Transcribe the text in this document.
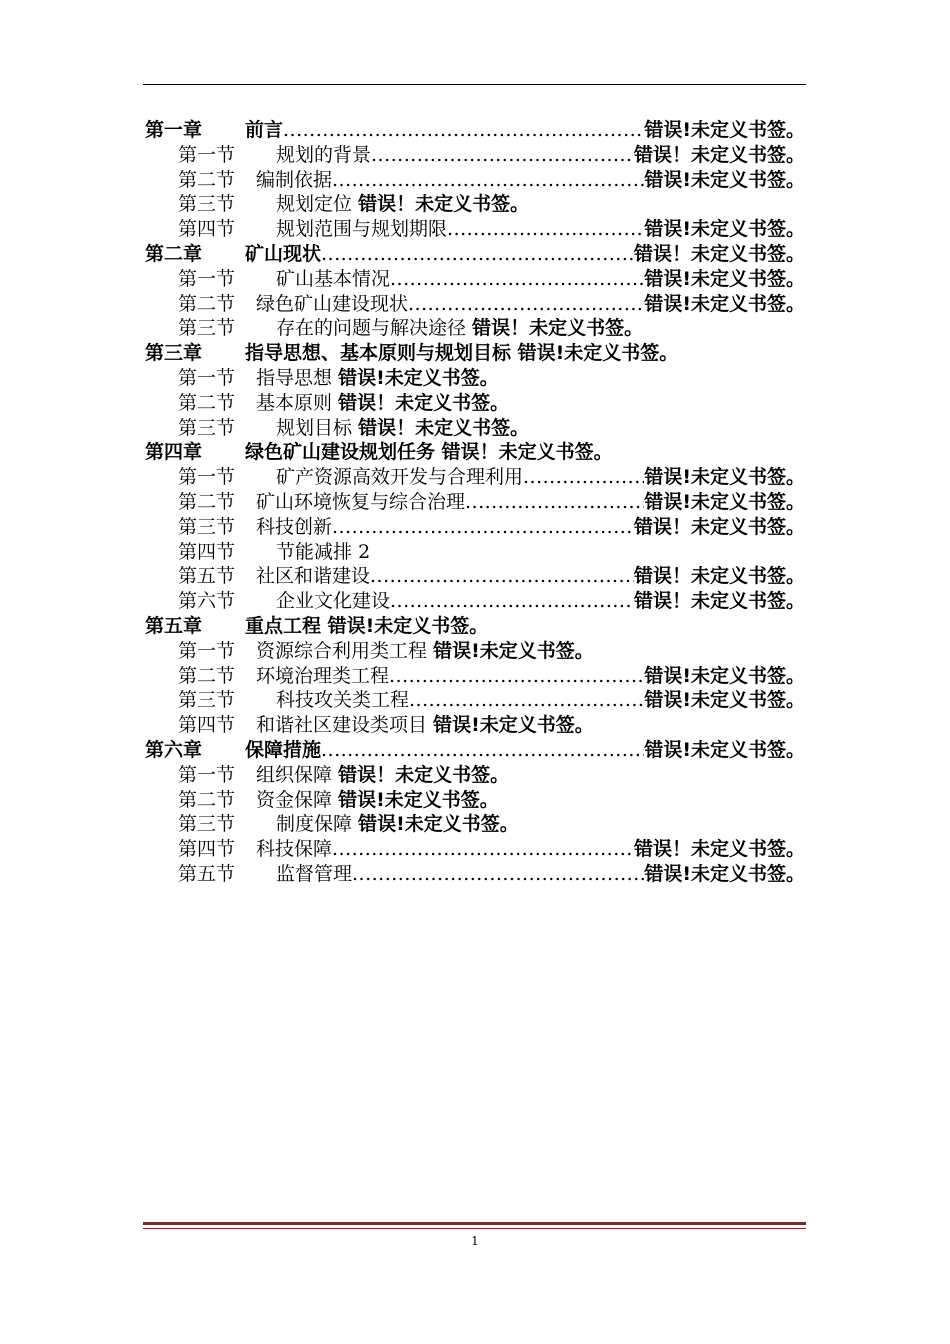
第一章 前言 .....	错误!未定义书签。
第一节 规划的背景 .....	错误！未定义书签。
第二节 编制依据 .....	错误!未定义书签。
第三节 规划定位 错误！未定义书签。
第四节 规划范围与规划期限 .....	错误!未定义书签。
第二章 矿山现状 .....	错误！未定义书签。
第一节 矿山基本情况 .....	错误!未定义书签。
第二节 绿色矿山建设现状 .....	错误!未定义书签。
第三节 存在的问题与解决途径 错误！未定义书签。
第三章 指导思想、基本原则与规划目标 错误!未定义书签。
第一节 指导思想 错误!未定义书签。
第二节 基本原则 错误！未定义书签。
第三节 规划目标 错误！未定义书签。
第四章 绿色矿山建设规划任务 错误！未定义书签。
第一节 矿产资源高效开发与合理利用 .....	错误!未定义书签。
第二节 矿山环境恢复与综合治理 .....	错误!未定义书签。
第三节 科技创新 .....	错误！未定义书签。
第四节 节能减排 2
第五节 社区和谐建设 .....	错误！未定义书签。
第六节 企业文化建设 .....	错误！未定义书签。
第五章 重点工程 错误!未定义书签。
第一节 资源综合利用类工程 错误!未定义书签。
第二节 环境治理类工程 .....	错误!未定义书签。
第三节 科技攻关类工程 .....	错误!未定义书签。
第四节 和谐社区建设类项目 错误!未定义书签。
第六章 保障措施 .....	错误!未定义书签。
第一节 组织保障 错误！未定义书签。
第二节 资金保障 错误!未定义书签。
第三节 制度保障 错误!未定义书签。
第四节 科技保障 .....	错误！未定义书签。
第五节 监督管理 .....	错误!未定义书签。
1
